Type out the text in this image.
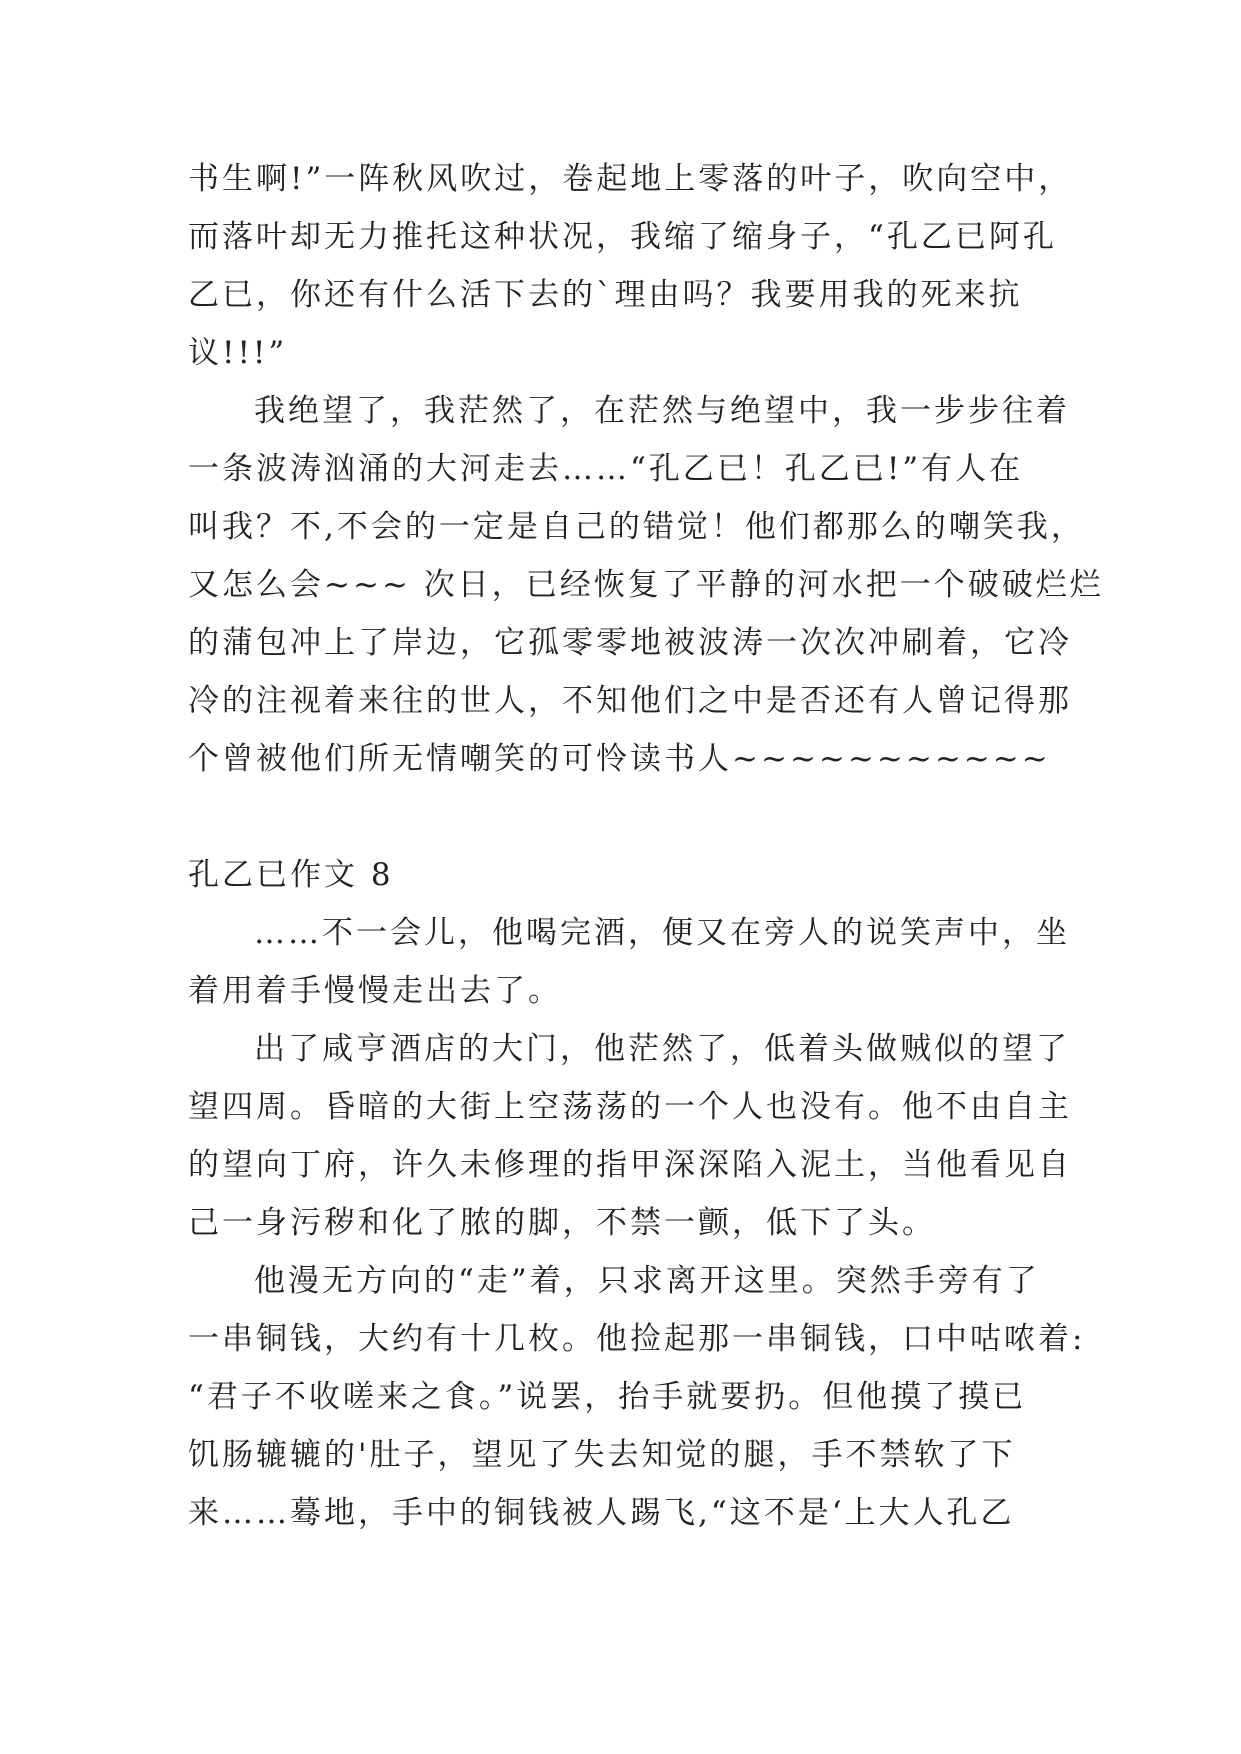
书生啊!”一阵秋风吹过，卷起地上零落的叶子，吹向空中，
而落叶却无力推托这种状况，我缩了缩身子，“孔乙已阿孔
乙已，你还有什么活下去的`理由吗？我要用我的死来抗
议!!!”
我绝望了，我茫然了，在茫然与绝望中，我一步步往着
一条波涛汹涌的大河走去……“孔乙已！孔乙已!”有人在
叫我？不,不会的一定是自己的错觉！他们都那么的嘲笑我，
又怎么会~~~ 次日，已经恢复了平静的河水把一个破破烂烂
的蒲包冲上了岸边，它孤零零地被波涛一次次冲刷着，它冷
冷的注视着来往的世人，不知他们之中是否还有人曾记得那
个曾被他们所无情嘲笑的可怜读书人~~~~~~~~~~~
孔乙已作文 8
……不一会儿，他喝完酒，便又在旁人的说笑声中，坐
着用着手慢慢走出去了。
出了咸亨酒店的大门，他茫然了，低着头做贼似的望了
望四周。昏暗的大街上空荡荡的一个人也没有。他不由自主
的望向丁府，许久未修理的指甲深深陷入泥土，当他看见自
己一身污秽和化了脓的脚，不禁一颤，低下了头。
他漫无方向的“走”着，只求离开这里。突然手旁有了
一串铜钱，大约有十几枚。他捡起那一串铜钱，口中咕哝着:
“君子不收嗟来之食。”说罢，抬手就要扔。但他摸了摸已
饥肠辘辘的'肚子，望见了失去知觉的腿，手不禁软了下
来……蓦地，手中的铜钱被人踢飞,“这不是‘上大人孔乙
